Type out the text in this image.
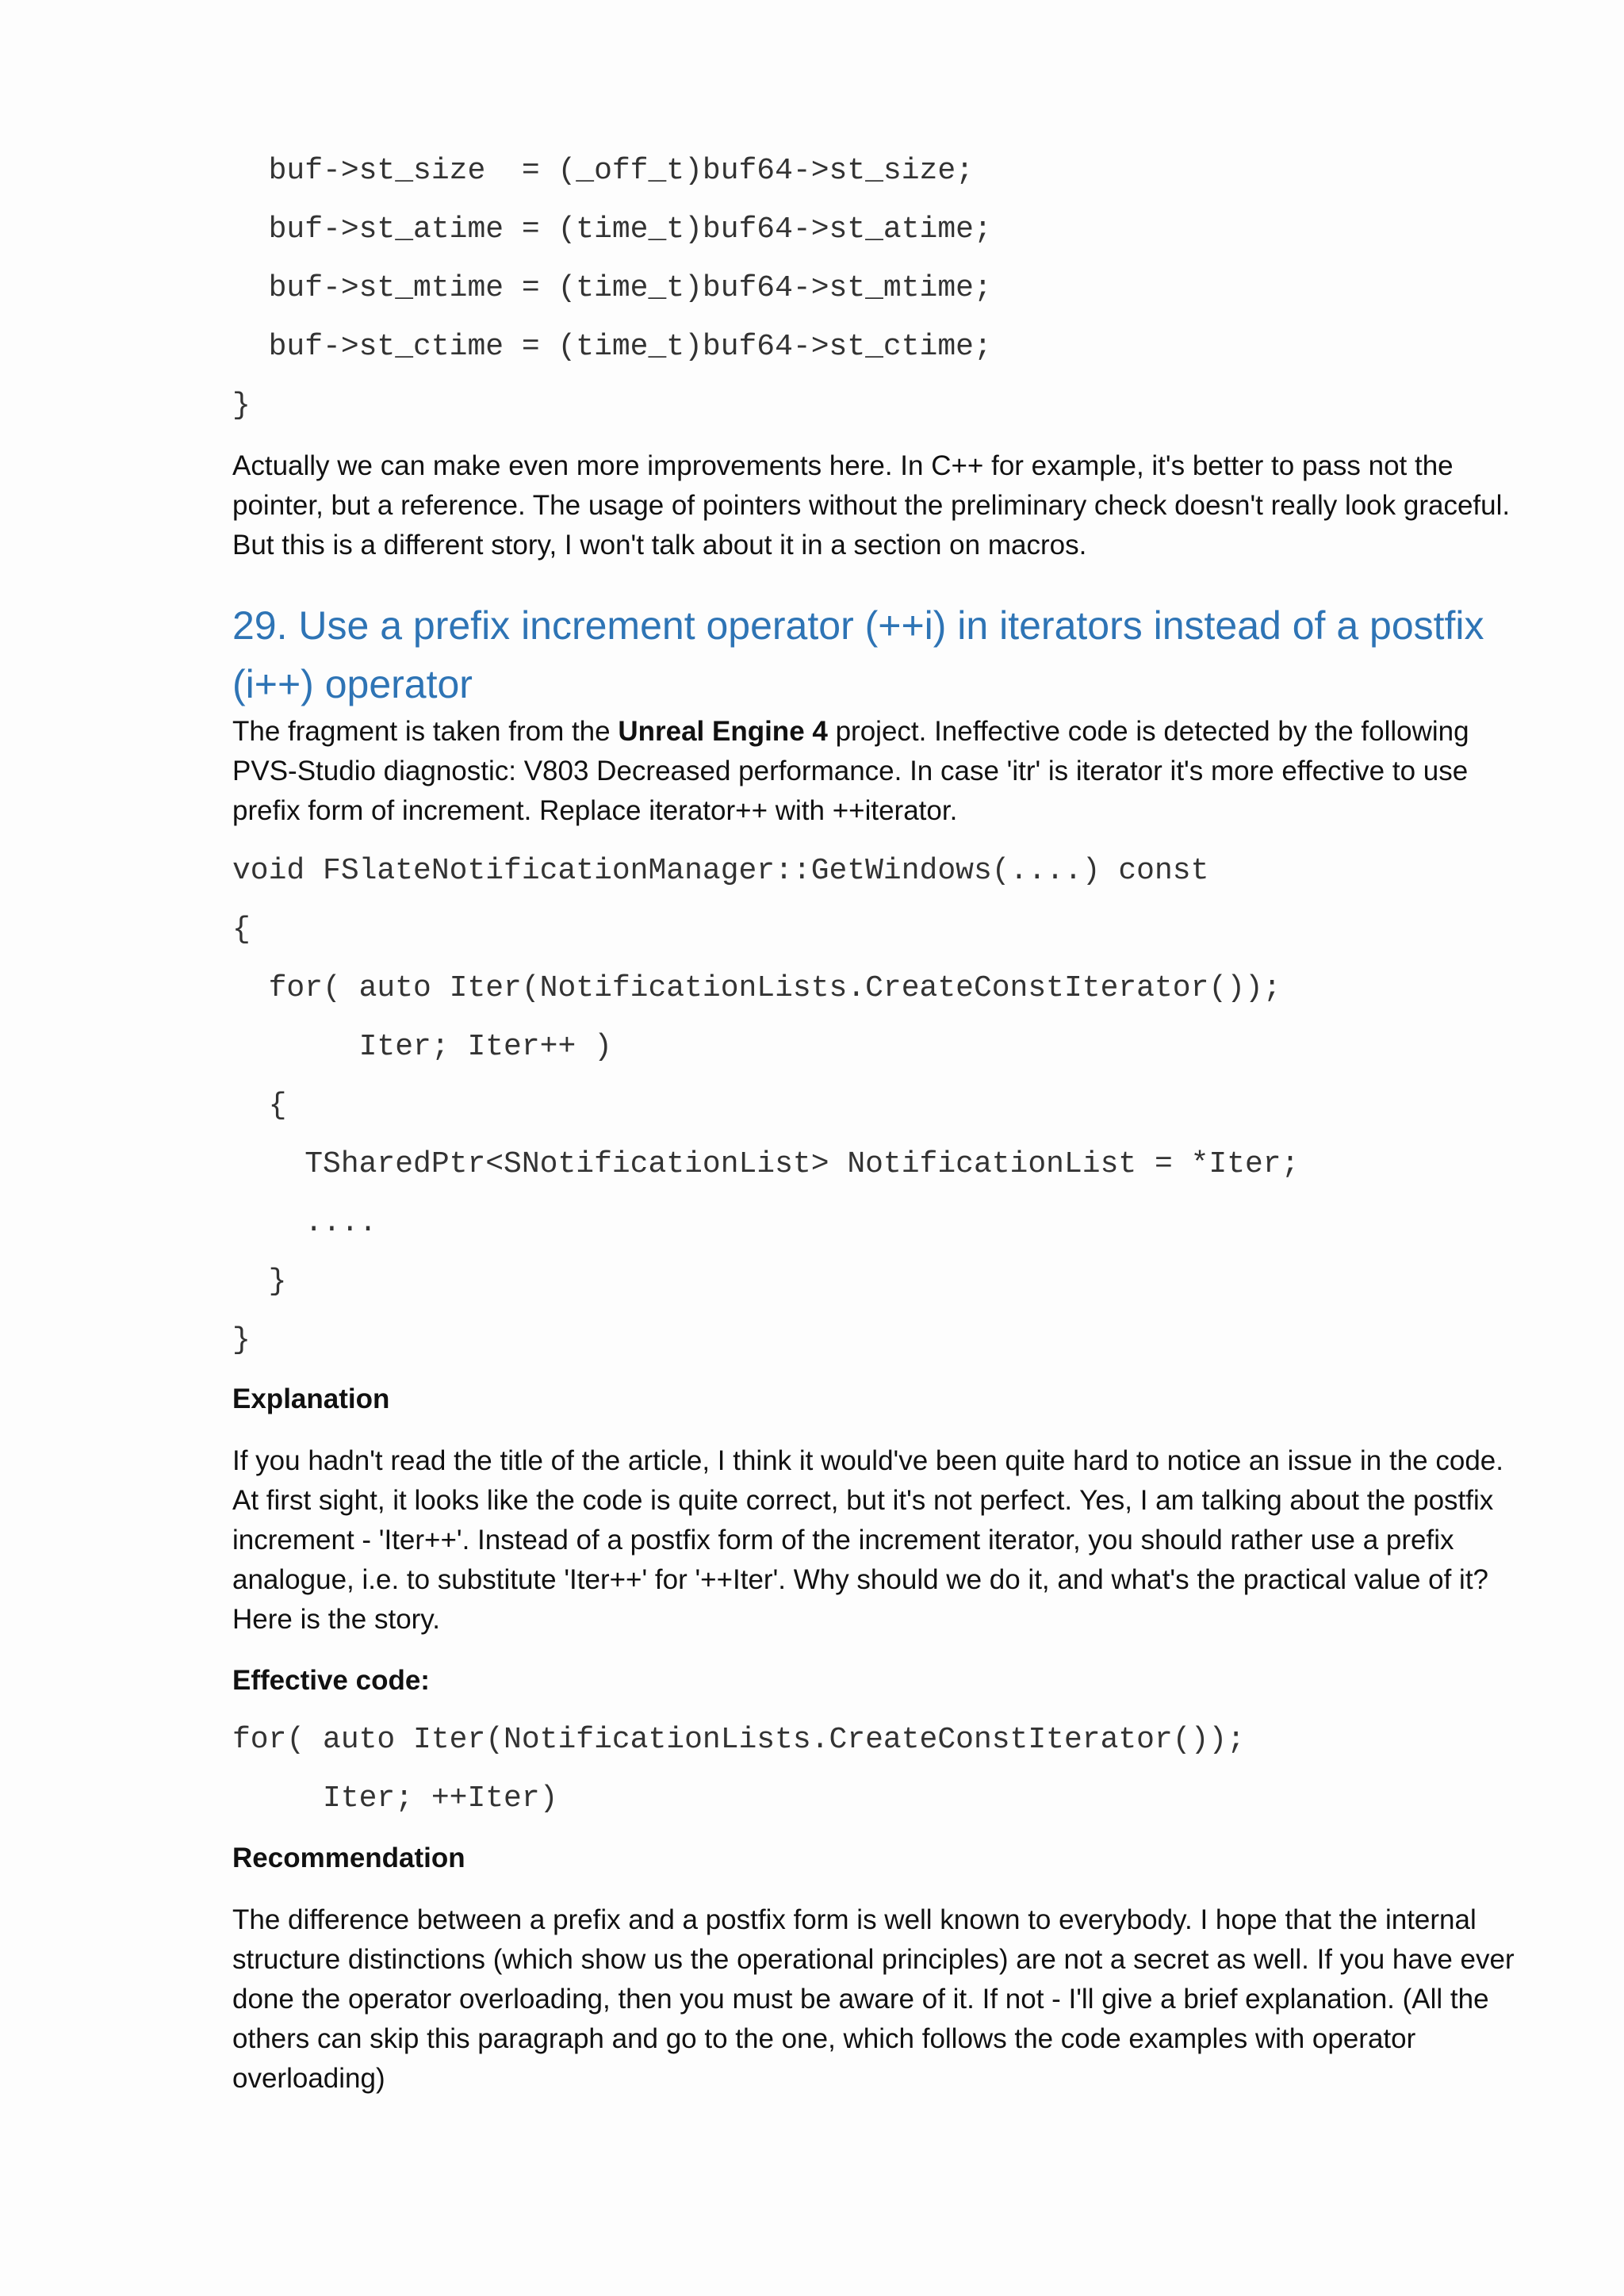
buf->st_size  = (_off_t)buf64->st_size;
buf->st_atime = (time_t)buf64->st_atime;
buf->st_mtime = (time_t)buf64->st_mtime;
buf->st_ctime = (time_t)buf64->st_ctime;
}

Actually we can make even more improvements here. In C++ for example, it's better to pass not the pointer, but a reference. The usage of pointers without the preliminary check doesn't really look graceful. But this is a different story, I won't talk about it in a section on macros.

29. Use a prefix increment operator (++i) in iterators instead of a postfix (i++) operator

The fragment is taken from the Unreal Engine 4 project. Ineffective code is detected by the following PVS-Studio diagnostic: V803 Decreased performance. In case 'itr' is iterator it's more effective to use prefix form of increment. Replace iterator++ with ++iterator.

void FSlateNotificationManager::GetWindows(....) const
{
for( auto Iter(NotificationLists.CreateConstIterator());
Iter; Iter++ )
{
TSharedPtr<SNotificationList> NotificationList = *Iter;
....
}
}

Explanation

If you hadn't read the title of the article, I think it would've been quite hard to notice an issue in the code. At first sight, it looks like the code is quite correct, but it's not perfect. Yes, I am talking about the postfix increment - 'Iter++'. Instead of a postfix form of the increment iterator, you should rather use a prefix analogue, i.e. to substitute 'Iter++' for '++Iter'. Why should we do it, and what's the practical value of it? Here is the story.

Effective code:

for( auto Iter(NotificationLists.CreateConstIterator());
Iter; ++Iter)

Recommendation

The difference between a prefix and a postfix form is well known to everybody. I hope that the internal structure distinctions (which show us the operational principles) are not a secret as well. If you have ever done the operator overloading, then you must be aware of it. If not - I'll give a brief explanation. (All the others can skip this paragraph and go to the one, which follows the code examples with operator overloading)
